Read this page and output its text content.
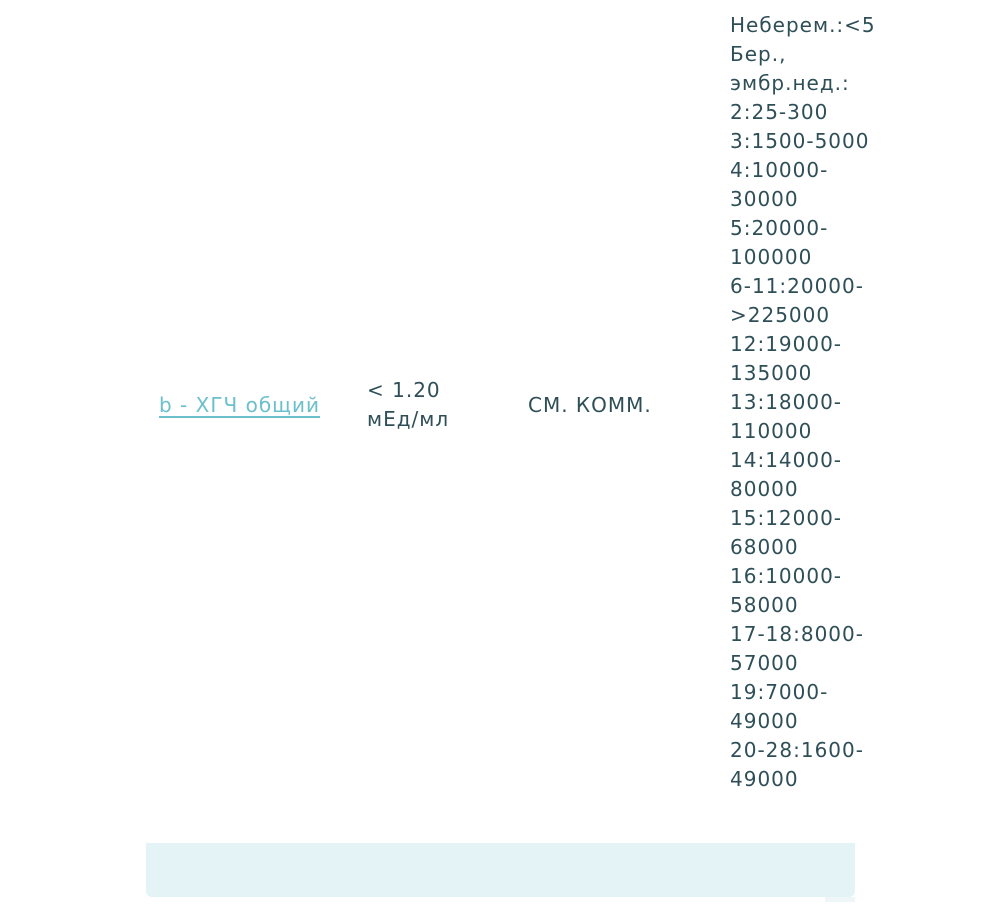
b - ХГЧ общий
< 1.20
мЕд/мл
СМ. КОММ.
Неберем.:<5
Бер.,
эмбр.нед.:
2:25-300
3:1500-5000
4:10000-
30000
5:20000-
100000
6-11:20000-
>225000
12:19000-
135000
13:18000-
110000
14:14000-
80000
15:12000-
68000
16:10000-
58000
17-18:8000-
57000
19:7000-
49000
20-28:1600-
49000
